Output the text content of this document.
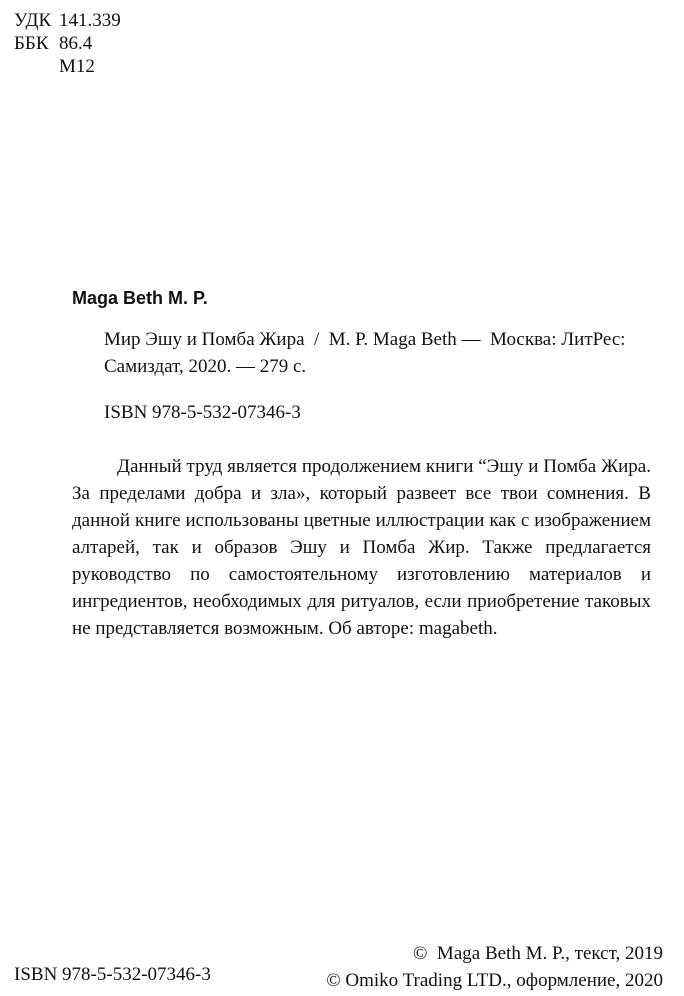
УДК 141.339
ББК 86.4
М12
Maga Beth M. P.
Мир Эшу и Помба Жира  /  М. Р. Maga Beth —  Москва: ЛитРес:
Самиздат, 2020. — 279 с.
ISBN 978-5-532-07346-3

Данный труд является продолжением книги “Эшу и Помба Жира. За пределами добра и зла», который развеет все твои сомнения. В данной книге использованы цветные иллюстрации как с изображением алтарей, так и образов Эшу и Помба Жир. Также предлагается руководство по самостоятельному изготовлению материалов и ингредиентов, необходимых для ритуалов, если приобретение таковых не представляется возможным. Об авторе: magabeth.

ISBN 978-5-532-07346-3
©  Maga Beth M. P., текст, 2019
© Omiko Trading LTD., оформление, 2020
